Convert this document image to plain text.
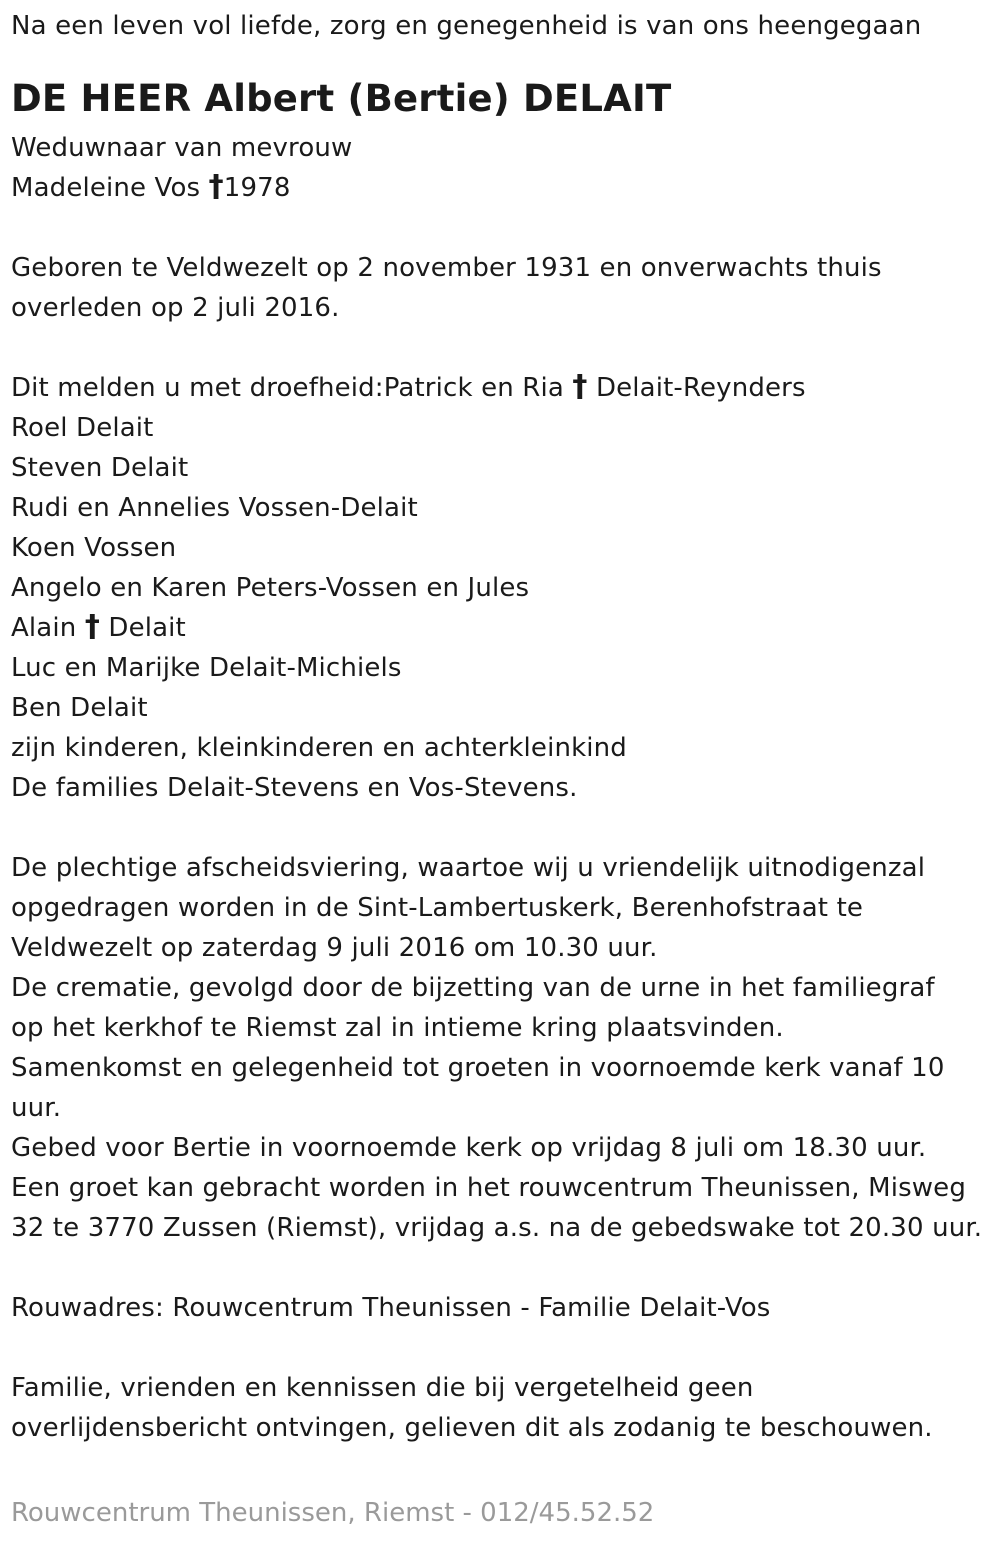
Na een leven vol liefde, zorg en genegenheid is van ons heengegaan
DE HEER Albert (Bertie) DELAIT
Weduwnaar van mevrouw
Madeleine Vos †1978
Geboren te Veldwezelt op 2 november 1931 en onverwachts thuis
overleden op 2 juli 2016.
Dit melden u met droefheid:Patrick en Ria † Delait-Reynders
Roel Delait
Steven Delait
Rudi en Annelies Vossen-Delait
Koen Vossen
Angelo en Karen Peters-Vossen en Jules
Alain † Delait
Luc en Marijke Delait-Michiels
Ben Delait
zijn kinderen, kleinkinderen en achterkleinkind
De families Delait-Stevens en Vos-Stevens.
De plechtige afscheidsviering, waartoe wij u vriendelijk uitnodigenzal
opgedragen worden in de Sint-Lambertuskerk, Berenhofstraat te
Veldwezelt op zaterdag 9 juli 2016 om 10.30 uur.
De crematie, gevolgd door de bijzetting van de urne in het familiegraf
op het kerkhof te Riemst zal in intieme kring plaatsvinden.
Samenkomst en gelegenheid tot groeten in voornoemde kerk vanaf 10
uur.
Gebed voor Bertie in voornoemde kerk op vrijdag 8 juli om 18.30 uur.
Een groet kan gebracht worden in het rouwcentrum Theunissen, Misweg
32 te 3770 Zussen (Riemst), vrijdag a.s. na de gebedswake tot 20.30 uur.
Rouwadres: Rouwcentrum Theunissen - Familie Delait-Vos
Familie, vrienden en kennissen die bij vergetelheid geen
overlijdensbericht ontvingen, gelieven dit als zodanig te beschouwen.
Rouwcentrum Theunissen, Riemst - 012/45.52.52
